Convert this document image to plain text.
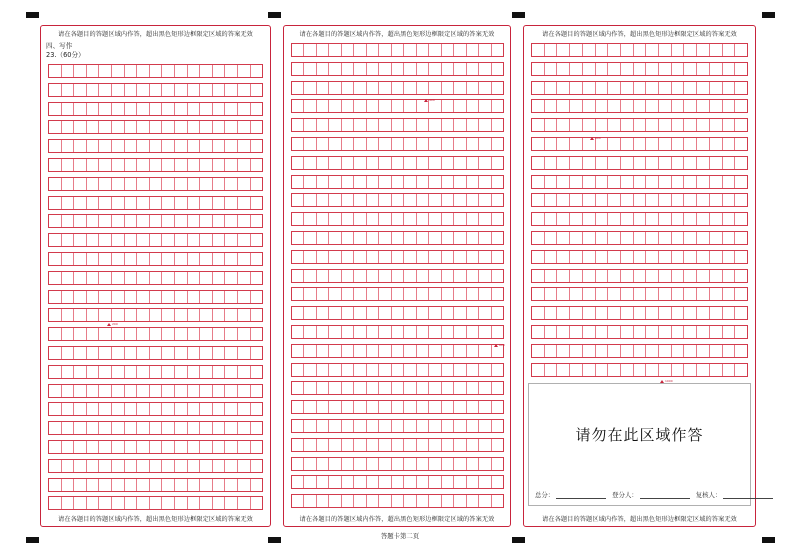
请在各题目的答题区域内作答，超出黑色矩形边框限定区域的答案无效
四、写作
23.（60分）
200
请在各题目的答题区域内作答，超出黑色矩形边框限定区域的答案无效
请在各题目的答题区域内作答，超出黑色矩形边框限定区域的答案无效
400
600
请在各题目的答题区域内作答，超出黑色矩形边框限定区域的答案无效
请在各题目的答题区域内作答，超出黑色矩形边框限定区域的答案无效
800
1000
请勿在此区域作答
总分：	登分人：	复核人：
请在各题目的答题区域内作答，超出黑色矩形边框限定区域的答案无效
答题卡第二页
